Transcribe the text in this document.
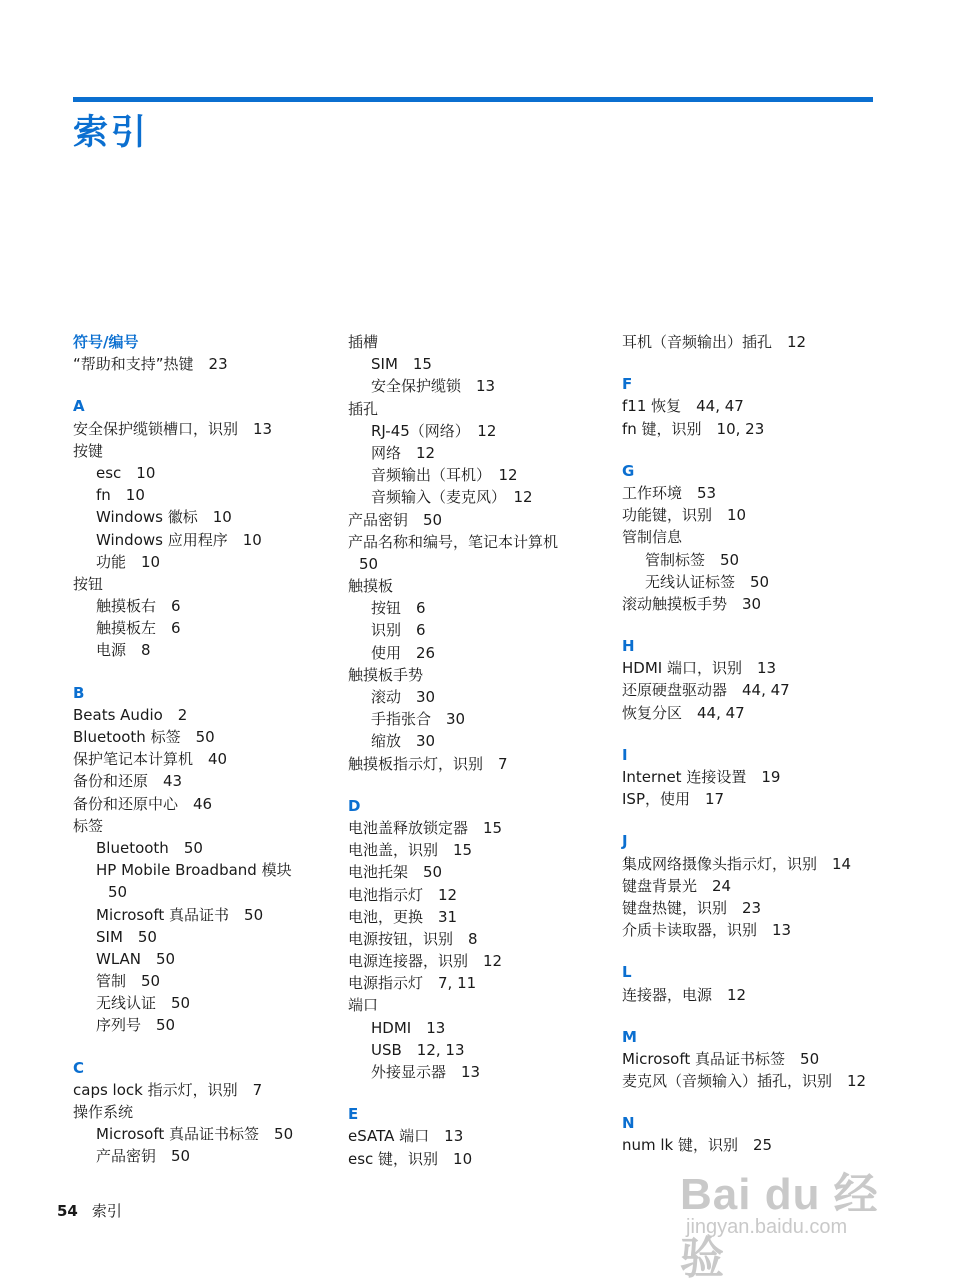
索引
符号/编号
“帮助和支持”热键　23
A
安全保护缆锁槽口，识别　13
按键
esc　10
fn　10
Windows 徽标　10
Windows 应用程序　10
功能　10
按钮
触摸板右　6
触摸板左　6
电源　8
B
Beats Audio　2
Bluetooth 标签　50
保护笔记本计算机　40
备份和还原　43
备份和还原中心　46
标签
Bluetooth　50
HP Mobile Broadband 模块
50
Microsoft 真品证书　50
SIM　50
WLAN　50
管制　50
无线认证　50
序列号　50
C
caps lock 指示灯，识别　7
操作系统
Microsoft 真品证书标签　50
产品密钥　50
插槽
SIM　15
安全保护缆锁　13
插孔
RJ-45（网络）　12
网络　12
音频输出（耳机）　12
音频输入（麦克风）　12
产品密钥　50
产品名称和编号，笔记本计算机
50
触摸板
按钮　6
识别　6
使用　26
触摸板手势
滚动　30
手指张合　30
缩放　30
触摸板指示灯，识别　7
D
电池盖释放锁定器　15
电池盖，识别　15
电池托架　50
电池指示灯　12
电池，更换　31
电源按钮，识别　8
电源连接器，识别　12
电源指示灯　7, 11
端口
HDMI　13
USB　12, 13
外接显示器　13
E
eSATA 端口　13
esc 键，识别　10
耳机（音频输出）插孔　12
F
f11 恢复　44, 47
fn 键，识别　10, 23
G
工作环境　53
功能键，识别　10
管制信息
管制标签　50
无线认证标签　50
滚动触摸板手势　30
H
HDMI 端口，识别　13
还原硬盘驱动器　44, 47
恢复分区　44, 47
I
Internet 连接设置　19
ISP，使用　17
J
集成网络摄像头指示灯，识别　14
键盘背景光　24
键盘热键，识别　23
介质卡读取器，识别　13
L
连接器，电源　12
M
Microsoft 真品证书标签　50
麦克风（音频输入）插孔，识别　12
N
num lk 键，识别　25
54 索引	Bai du 经验
jingyan.baidu.com
